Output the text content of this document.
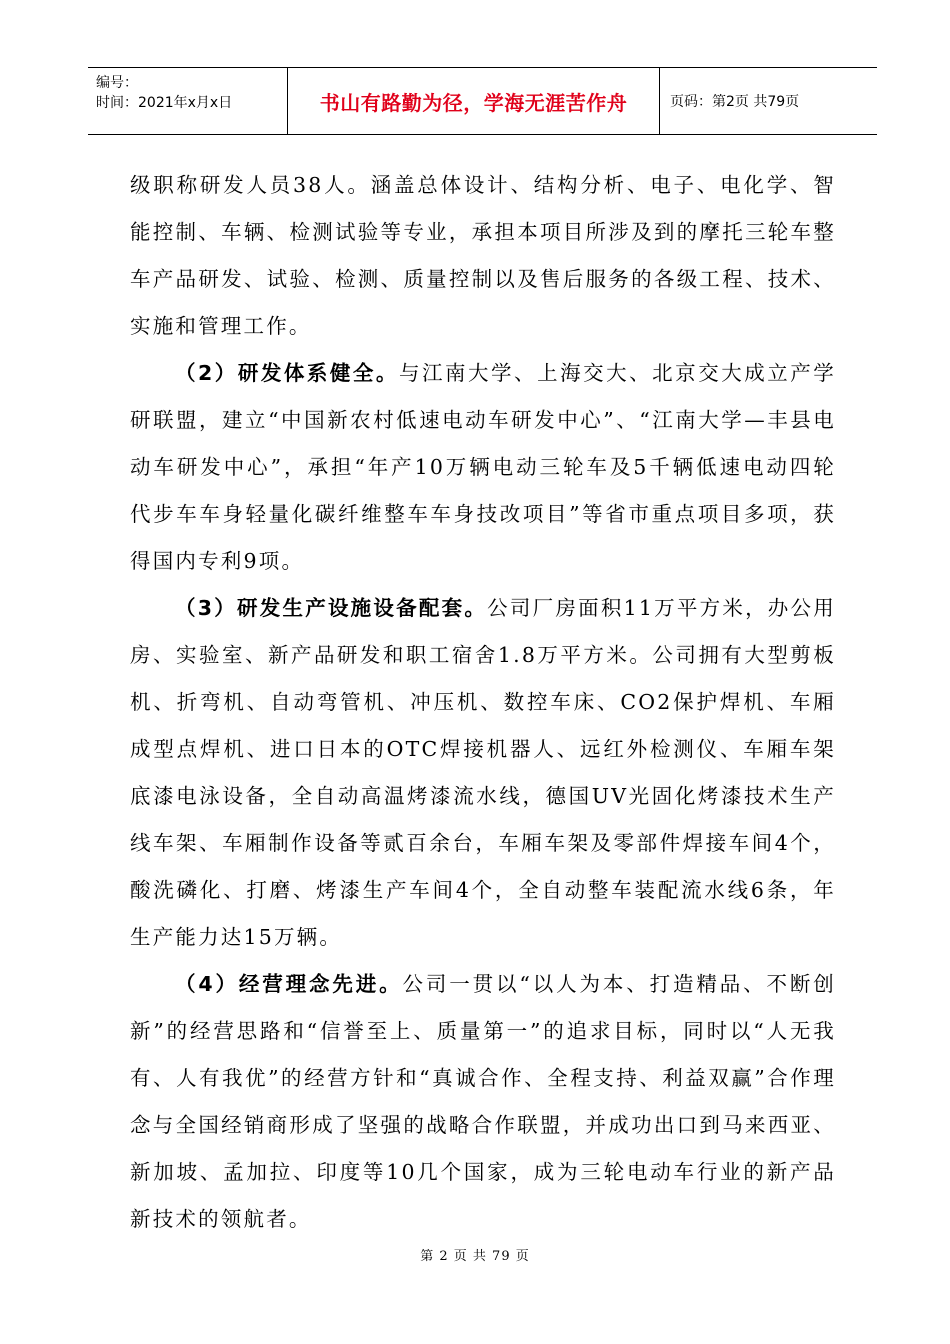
编号：
时间：2021年x月x日	书山有路勤为径，学海无涯苦作舟	页码：第2页 共79页

级职称研发人员38人。涵盖总体设计、结构分析、电子、电化学、智能控制、车辆、检测试验等专业，承担本项目所涉及到的摩托三轮车整车产品研发、试验、检测、质量控制以及售后服务的各级工程、技术、实施和管理工作。

（2）研发体系健全。与江南大学、上海交大、北京交大成立产学研联盟，建立“中国新农村低速电动车研发中心”、“江南大学—丰县电动车研发中心”，承担“年产10万辆电动三轮车及5千辆低速电动四轮代步车车身轻量化碳纤维整车车身技改项目”等省市重点项目多项，获得国内专利9项。

（3）研发生产设施设备配套。公司厂房面积11万平方米，办公用房、实验室、新产品研发和职工宿舍1.8万平方米。公司拥有大型剪板机、折弯机、自动弯管机、冲压机、数控车床、CO2保护焊机、车厢成型点焊机、进口日本的OTC焊接机器人、远红外检测仪、车厢车架底漆电泳设备，全自动高温烤漆流水线，德国UV光固化烤漆技术生产线车架、车厢制作设备等贰百余台，车厢车架及零部件焊接车间4个，酸洗磷化、打磨、烤漆生产车间4个，全自动整车装配流水线6条，年生产能力达15万辆。

（4）经营理念先进。公司一贯以“以人为本、打造精品、不断创新”的经营思路和“信誉至上、质量第一”的追求目标，同时以“人无我有、人有我优”的经营方针和“真诚合作、全程支持、利益双赢”合作理念与全国经销商形成了坚强的战略合作联盟，并成功出口到马来西亚、新加坡、孟加拉、印度等10几个国家，成为三轮电动车行业的新产品新技术的领航者。

第 2 页 共 79 页
